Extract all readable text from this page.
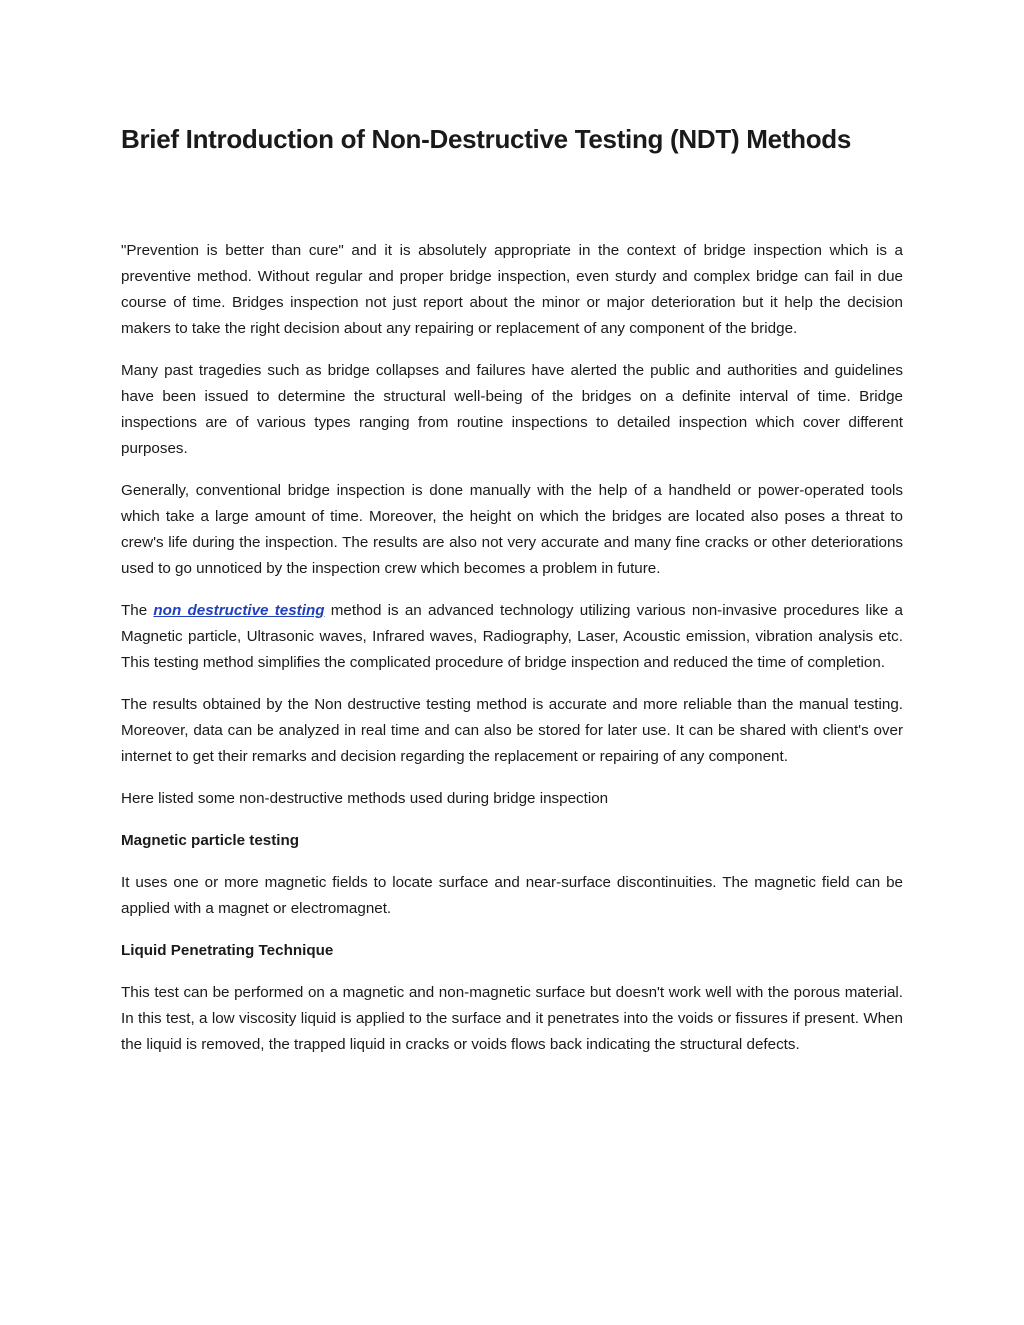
Brief Introduction of Non-Destructive Testing (NDT) Methods

"Prevention is better than cure" and it is absolutely appropriate in the context of bridge inspection which is a preventive method. Without regular and proper bridge inspection, even sturdy and complex bridge can fail in due course of time. Bridges inspection not just report about the minor or major deterioration but it help the decision makers to take the right decision about any repairing or replacement of any component of the bridge.

Many past tragedies such as bridge collapses and failures have alerted the public and authorities and guidelines have been issued to determine the structural well-being of the bridges on a definite interval of time. Bridge inspections are of various types ranging from routine inspections to detailed inspection which cover different purposes.

Generally, conventional bridge inspection is done manually with the help of a handheld or power-operated tools which take a large amount of time. Moreover, the height on which the bridges are located also poses a threat to crew's life during the inspection. The results are also not very accurate and many fine cracks or other deteriorations used to go unnoticed by the inspection crew which becomes a problem in future.

The non destructive testing method is an advanced technology utilizing various non-invasive procedures like a Magnetic particle, Ultrasonic waves, Infrared waves, Radiography, Laser, Acoustic emission, vibration analysis etc. This testing method simplifies the complicated procedure of bridge inspection and reduced the time of completion.

The results obtained by the Non destructive testing method is accurate and more reliable than the manual testing. Moreover, data can be analyzed in real time and can also be stored for later use. It can be shared with client's over internet to get their remarks and decision regarding the replacement or repairing of any component.

Here listed some non-destructive methods used during bridge inspection

Magnetic particle testing

It uses one or more magnetic fields to locate surface and near-surface discontinuities. The magnetic field can be applied with a magnet or electromagnet.

Liquid Penetrating Technique

This test can be performed on a magnetic and non-magnetic surface but doesn't work well with the porous material. In this test, a low viscosity liquid is applied to the surface and it penetrates into the voids or fissures if present. When the liquid is removed, the trapped liquid in cracks or voids flows back indicating the structural defects.
